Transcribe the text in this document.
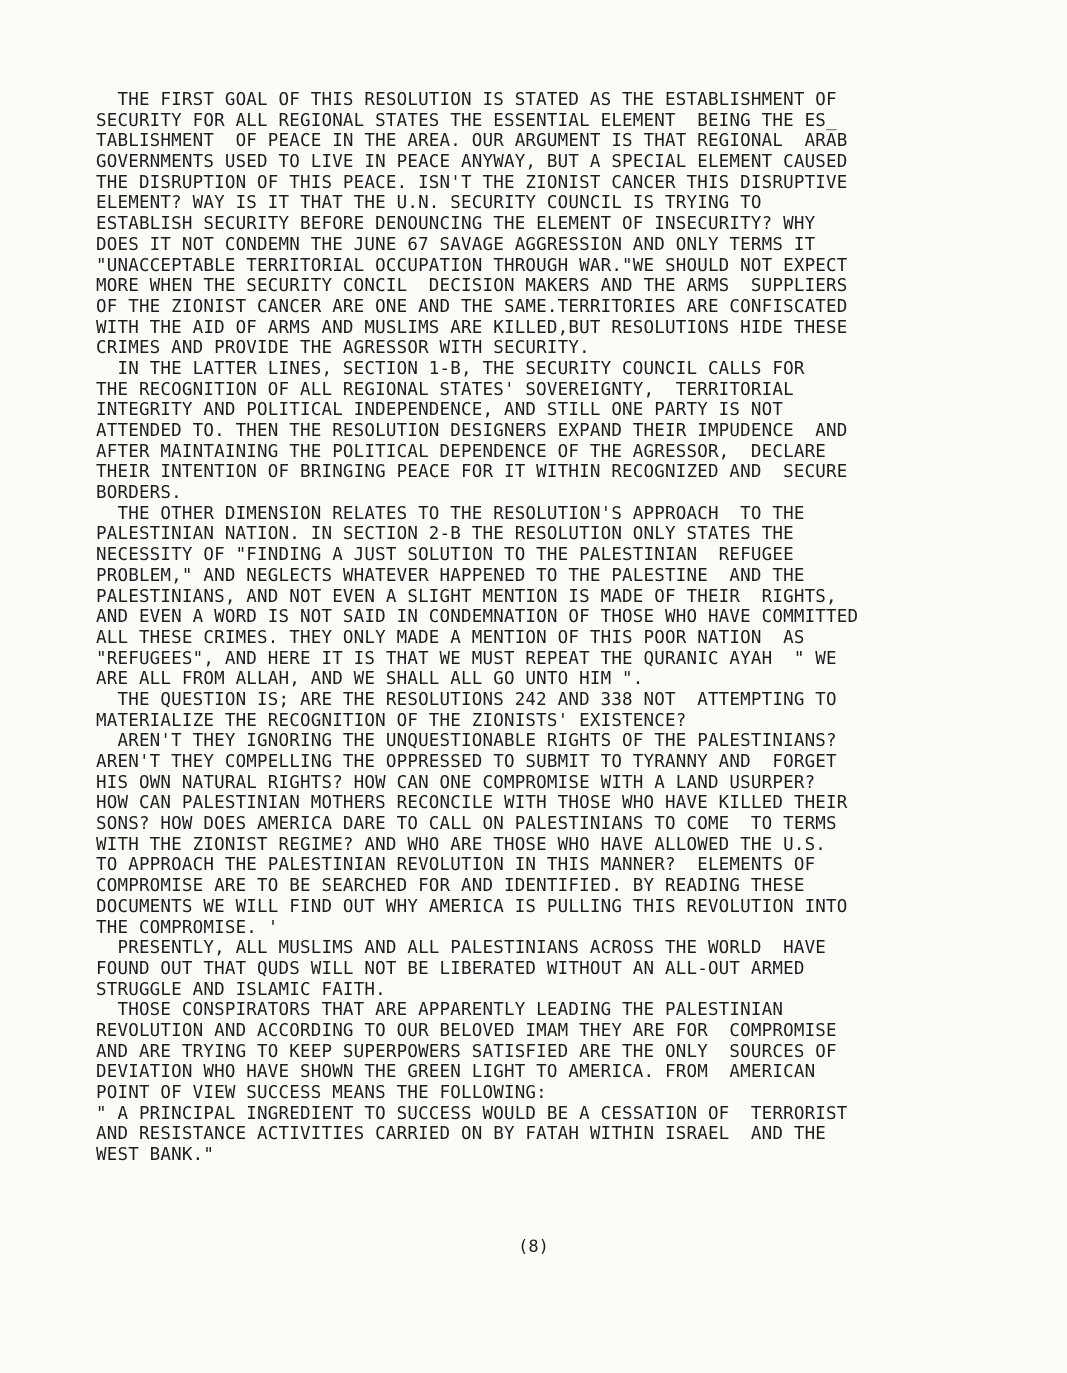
THE FIRST GOAL OF THIS RESOLUTION IS STATED AS THE ESTABLISHMENT OF
SECURITY FOR ALL REGIONAL STATES THE ESSENTIAL ELEMENT  BEING THE ES_
TABLISHMENT  OF PEACE IN THE AREA. OUR ARGUMENT IS THAT REGIONAL  ARAB
GOVERNMENTS USED TO LIVE IN PEACE ANYWAY, BUT A SPECIAL ELEMENT CAUSED
THE DISRUPTION OF THIS PEACE. ISN'T THE ZIONIST CANCER THIS DISRUPTIVE
ELEMENT? WAY IS IT THAT THE U.N. SECURITY COUNCIL IS TRYING TO
ESTABLISH SECURITY BEFORE DENOUNCING THE ELEMENT OF INSECURITY? WHY
DOES IT NOT CONDEMN THE JUNE 67 SAVAGE AGGRESSION AND ONLY TERMS IT
"UNACCEPTABLE TERRITORIAL OCCUPATION THROUGH WAR."WE SHOULD NOT EXPECT
MORE WHEN THE SECURITY CONCIL  DECISION MAKERS AND THE ARMS  SUPPLIERS
OF THE ZIONIST CANCER ARE ONE AND THE SAME.TERRITORIES ARE CONFISCATED
WITH THE AID OF ARMS AND MUSLIMS ARE KILLED,BUT RESOLUTIONS HIDE THESE
CRIMES AND PROVIDE THE AGRESSOR WITH SECURITY.
IN THE LATTER LINES, SECTION 1-B, THE SECURITY COUNCIL CALLS FOR
THE RECOGNITION OF ALL REGIONAL STATES' SOVEREIGNTY,  TERRITORIAL
INTEGRITY AND POLITICAL INDEPENDENCE, AND STILL ONE PARTY IS NOT
ATTENDED TO. THEN THE RESOLUTION DESIGNERS EXPAND THEIR IMPUDENCE  AND
AFTER MAINTAINING THE POLITICAL DEPENDENCE OF THE AGRESSOR,  DECLARE
THEIR INTENTION OF BRINGING PEACE FOR IT WITHIN RECOGNIZED AND  SECURE
BORDERS.
THE OTHER DIMENSION RELATES TO THE RESOLUTION'S APPROACH  TO THE
PALESTINIAN NATION. IN SECTION 2-B THE RESOLUTION ONLY STATES THE
NECESSITY OF "FINDING A JUST SOLUTION TO THE PALESTINIAN  REFUGEE
PROBLEM," AND NEGLECTS WHATEVER HAPPENED TO THE PALESTINE  AND THE
PALESTINIANS, AND NOT EVEN A SLIGHT MENTION IS MADE OF THEIR  RIGHTS,
AND EVEN A WORD IS NOT SAID IN CONDEMNATION OF THOSE WHO HAVE COMMITTED
ALL THESE CRIMES. THEY ONLY MADE A MENTION OF THIS POOR NATION  AS
"REFUGEES", AND HERE IT IS THAT WE MUST REPEAT THE QURANIC AYAH  " WE
ARE ALL FROM ALLAH, AND WE SHALL ALL GO UNTO HIM ".
THE QUESTION IS; ARE THE RESOLUTIONS 242 AND 338 NOT  ATTEMPTING TO
MATERIALIZE THE RECOGNITION OF THE ZIONISTS' EXISTENCE?
AREN'T THEY IGNORING THE UNQUESTIONABLE RIGHTS OF THE PALESTINIANS?
AREN'T THEY COMPELLING THE OPPRESSED TO SUBMIT TO TYRANNY AND  FORGET
HIS OWN NATURAL RIGHTS? HOW CAN ONE COMPROMISE WITH A LAND USURPER?
HOW CAN PALESTINIAN MOTHERS RECONCILE WITH THOSE WHO HAVE KILLED THEIR
SONS? HOW DOES AMERICA DARE TO CALL ON PALESTINIANS TO COME  TO TERMS
WITH THE ZIONIST REGIME? AND WHO ARE THOSE WHO HAVE ALLOWED THE U.S.
TO APPROACH THE PALESTINIAN REVOLUTION IN THIS MANNER?  ELEMENTS OF
COMPROMISE ARE TO BE SEARCHED FOR AND IDENTIFIED. BY READING THESE
DOCUMENTS WE WILL FIND OUT WHY AMERICA IS PULLING THIS REVOLUTION INTO
THE COMPROMISE. '
PRESENTLY, ALL MUSLIMS AND ALL PALESTINIANS ACROSS THE WORLD  HAVE
FOUND OUT THAT QUDS WILL NOT BE LIBERATED WITHOUT AN ALL-OUT ARMED
STRUGGLE AND ISLAMIC FAITH.
THOSE CONSPIRATORS THAT ARE APPARENTLY LEADING THE PALESTINIAN
REVOLUTION AND ACCORDING TO OUR BELOVED IMAM THEY ARE FOR  COMPROMISE
AND ARE TRYING TO KEEP SUPERPOWERS SATISFIED ARE THE ONLY  SOURCES OF
DEVIATION WHO HAVE SHOWN THE GREEN LIGHT TO AMERICA. FROM  AMERICAN
POINT OF VIEW SUCCESS MEANS THE FOLLOWING:
" A PRINCIPAL INGREDIENT TO SUCCESS WOULD BE A CESSATION OF  TERRORIST
AND RESISTANCE ACTIVITIES CARRIED ON BY FATAH WITHIN ISRAEL  AND THE
WEST BANK."
(8)
